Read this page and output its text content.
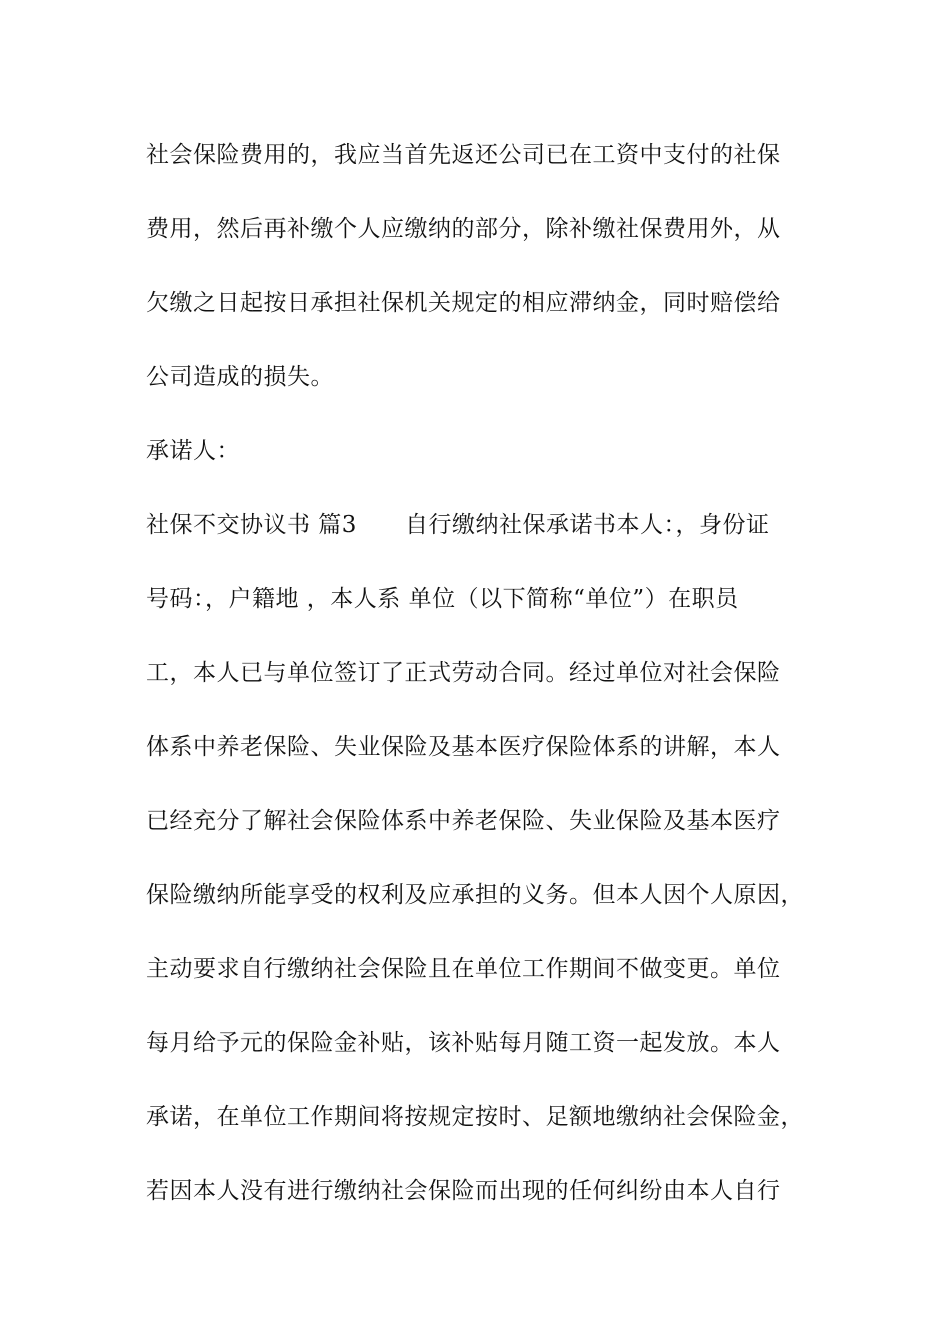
社会保险费用的，我应当首先返还公司已在工资中支付的社保
费用，然后再补缴个人应缴纳的部分，除补缴社保费用外，从
欠缴之日起按日承担社保机关规定的相应滞纳金，同时赔偿给
公司造成的损失。
承诺人：
社保不交协议书 篇3 自行缴纳社保承诺书本人：，身份证
号码：，户籍地 ，本人系 单位（以下简称“单位”）在职员
工，本人已与单位签订了正式劳动合同。经过单位对社会保险
体系中养老保险、失业保险及基本医疗保险体系的讲解，本人
已经充分了解社会保险体系中养老保险、失业保险及基本医疗
保险缴纳所能享受的权利及应承担的义务。但本人因个人原因，
主动要求自行缴纳社会保险且在单位工作期间不做变更。单位
每月给予元的保险金补贴，该补贴每月随工资一起发放。本人
承诺，在单位工作期间将按规定按时、足额地缴纳社会保险金，
若因本人没有进行缴纳社会保险而出现的任何纠纷由本人自行
